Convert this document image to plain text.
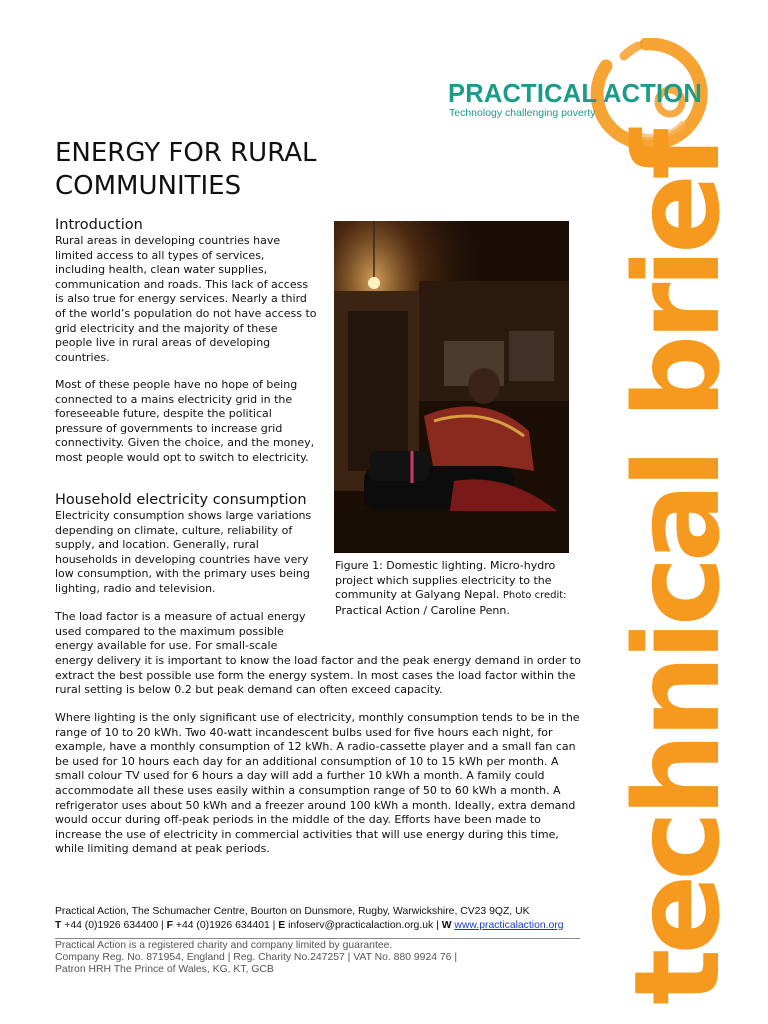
PRACTICAL ACTION
Technology challenging poverty
technical brief
ENERGY FOR RURAL COMMUNITIES
Introduction

Rural areas in developing countries have limited access to all types of services, including health, clean water supplies, communication and roads. This lack of access is also true for energy services. Nearly a third of the world’s population do not have access to grid electricity and the majority of these people live in rural areas of developing countries.

Most of these people have no hope of being connected to a mains electricity grid in the foreseeable future, despite the political pressure of governments to increase grid connectivity. Given the choice, and the money, most people would opt to switch to electricity.

Household electricity consumption

Electricity consumption shows large variations depending on climate, culture, reliability of supply, and location. Generally, rural households in developing countries have very low consumption, with the primary uses being lighting, radio and television.

The load factor is a measure of actual energy used compared to the maximum possible energy available for use. For small-scale

energy delivery it is important to know the load factor and the peak energy demand in order to extract the best possible use form the energy system. In most cases the load factor within the rural setting is below 0.2 but peak demand can often exceed capacity.

Where lighting is the only significant use of electricity, monthly consumption tends to be in the range of 10 to 20 kWh. Two 40-watt incandescent bulbs used for five hours each night, for example, have a monthly consumption of 12 kWh. A radio-cassette player and a small fan can be used for 10 hours each day for an additional consumption of 10 to 15 kWh per month. A small colour TV used for 6 hours a day will add a further 10 kWh a month. A family could accommodate all these uses easily within a consumption range of 50 to 60 kWh a month. A refrigerator uses about 50 kWh and a freezer around 100 kWh a month. Ideally, extra demand would occur during off-peak periods in the middle of the day. Efforts have been made to increase the use of electricity in commercial activities that will use energy during this time, while limiting demand at peak periods.

Figure 1: Domestic lighting. Micro-hydro project which supplies electricity to the community at Galyang Nepal. Photo credit: Practical Action / Caroline Penn.

Practical Action, The Schumacher Centre, Bourton on Dunsmore, Rugby, Warwickshire, CV23 9QZ, UK
T +44 (0)1926 634400 | F +44 (0)1926 634401 | E infoserv@practicalaction.org.uk | W www.practicalaction.org
Practical Action is a registered charity and company limited by guarantee.
Company Reg. No. 871954, England | Reg. Charity No.247257 | VAT No. 880 9924 76 |
Patron HRH The Prince of Wales, KG, KT, GCB
